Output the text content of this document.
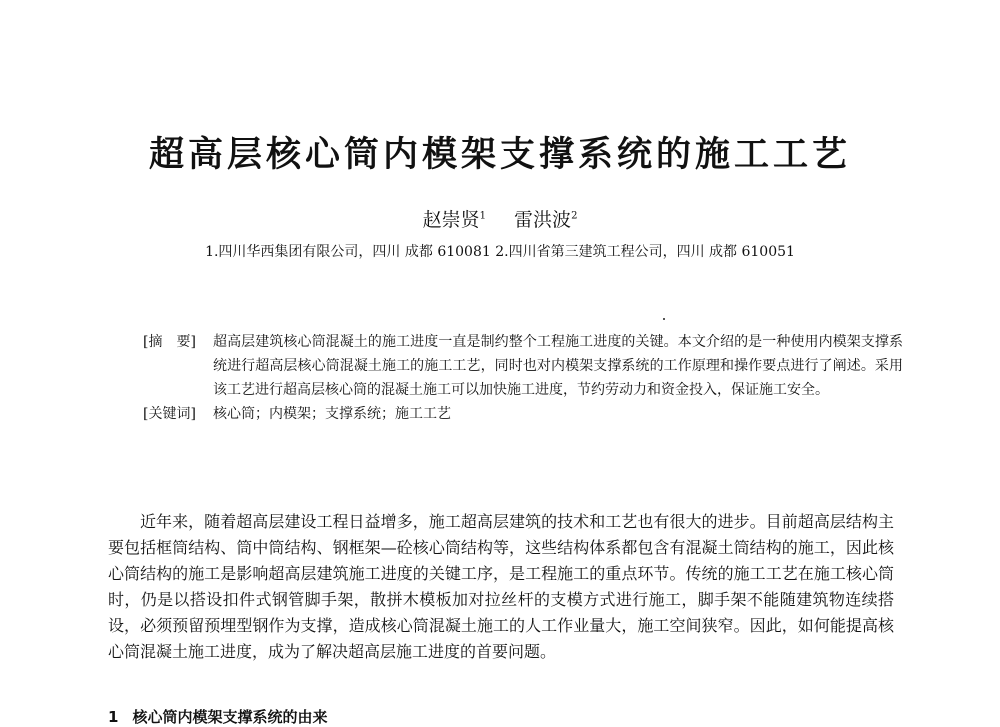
超高层核心筒内模架支撑系统的施工工艺
赵崇贤$^1$ 雷洪波$^2$
1.四川华西集团有限公司，四川 成都 610081 2.四川省第三建筑工程公司，四川 成都 610051
[摘　要]	超高层建筑核心筒混凝土的施工进度一直是制约整个工程施工进度的关键。本文介绍的是一种使用内模架支撑系统进行超高层核心筒混凝土施工的施工工艺，同时也对内模架支撑系统的工作原理和操作要点进行了阐述。采用该工艺进行超高层核心筒的混凝土施工可以加快施工进度，节约劳动力和资金投入，保证施工安全。
[关键词]	核心筒；内模架；支撑系统；施工工艺

近年来，随着超高层建设工程日益增多，施工超高层建筑的技术和工艺也有很大的进步。目前超高层结构主要包括框筒结构、筒中筒结构、钢框架—砼核心筒结构等，这些结构体系都包含有混凝土筒结构的施工，因此核心筒结构的施工是影响超高层建筑施工进度的关键工序，是工程施工的重点环节。传统的施工工艺在施工核心筒时，仍是以搭设扣件式钢管脚手架，散拼木模板加对拉丝杆的支模方式进行施工，脚手架不能随建筑物连续搭设，必须预留预埋型钢作为支撑，造成核心筒混凝土施工的人工作业量大，施工空间狭窄。因此，如何能提高核心筒混凝土施工进度，成为了解决超高层施工进度的首要问题。

1 核心筒内模架支撑系统的由来
